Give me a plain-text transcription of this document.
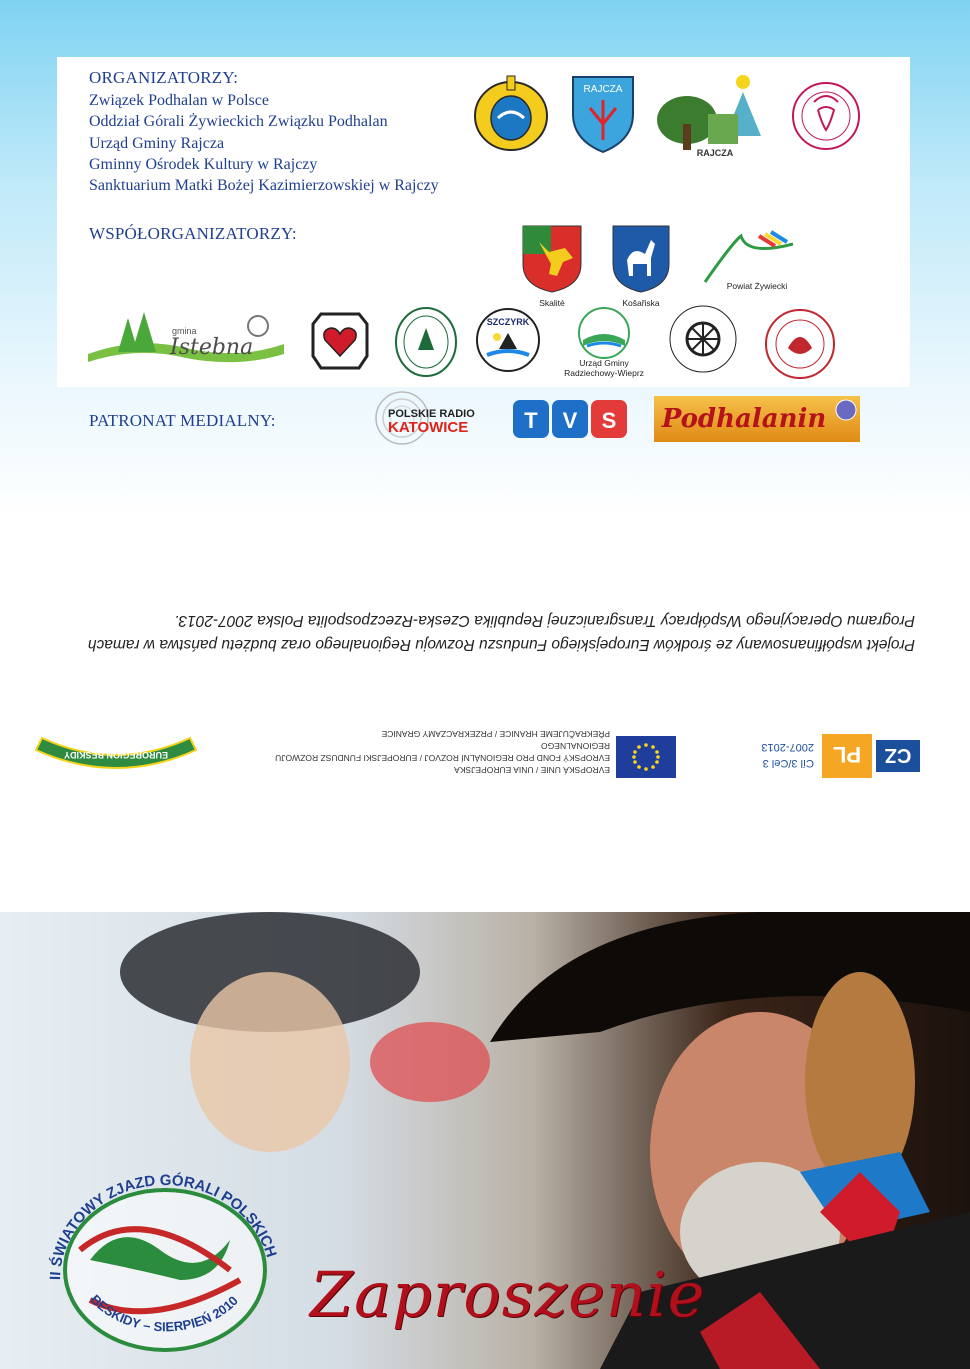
ORGANIZATORZY:
Związek Podhalan w Polsce
Oddział Górali Żywieckich Związku Podhalan
Urząd Gminy Rajcza
Gminny Ośrodek Kultury w Rajczy
Sanktuarium Matki Bożej Kazimierzowskiej w Rajczy
RAJCZA
RAJCZA
WSPÓŁORGANIZATORZY:
Skalité	Košařiska
Powiat Żywiecki
gmina
Istebna
SZCZYRK
Urząd Gminy Radziechowy-Wieprz
PATRONAT MEDIALNY:	POLSKIE RADIO
KATOWICE	T V S Podhalanin
Projekt współfinansowany ze środków Europejskiego Funduszu Rozwoju Regionalnego oraz budżetu państwa w ramach
Programu Operacyjnego Współpracy Transgranicznej Republika Czeska-Rzeczpospolita Polska 2007-2013.
CZ
PL
Cíl 3/Cel 3
2007-2013
EVROPSKÁ UNIE / UNIA EUROPEJSKA
EVROPSKÝ FOND PRO REGIONÁLNÍ ROZVOJ / EUROPEJSKI FUNDUSZ ROZWOJU REGIONALNEGO
PŘEKRAČUJEME HRANICE / PRZEKRACZAMY GRANICE
EUROREGION BESKIDY
II ŚWIATOWY ZJAZD GÓRALI POLSKICH
BESKIDY – SIERPIEŃ 2010 Zaproszenie
